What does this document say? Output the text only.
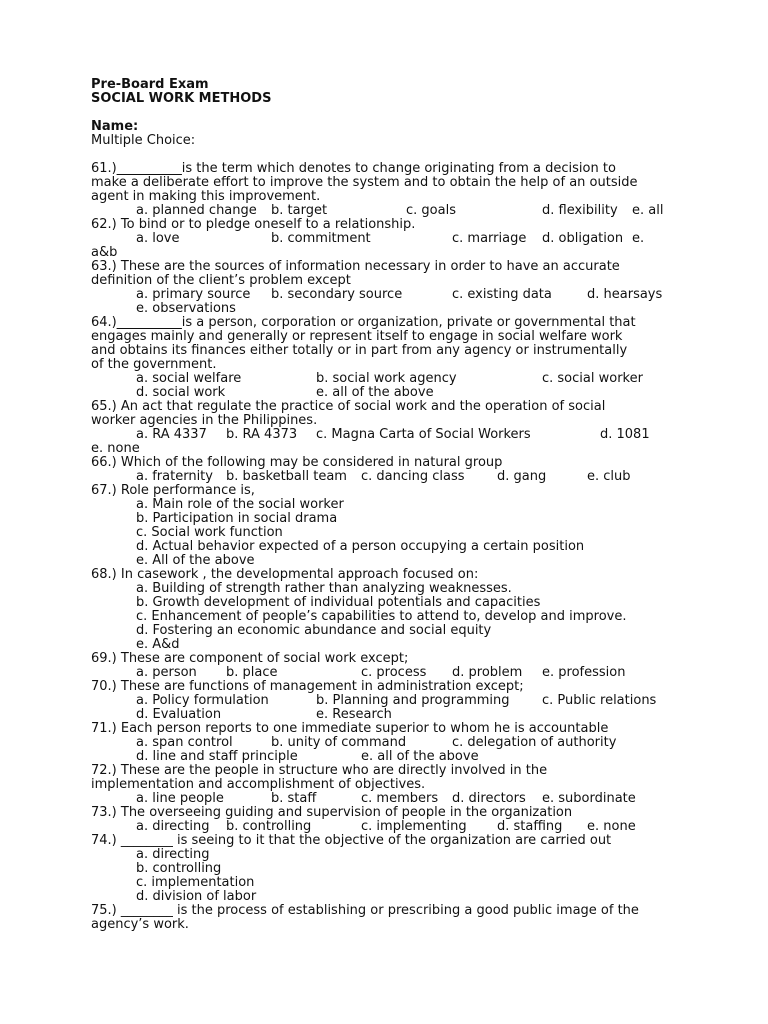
Pre-Board Exam
SOCIAL WORK METHODS
Name:
Multiple Choice:
61.)__________is the term which denotes to change originating from a decision to
make a deliberate effort to improve the system and to obtain the help of an outside
agent in making this improvement.

a. planned change

b. target

	c. goals

	d. flexibility

e. all

62.) To bind or to pledge oneself to a relationship.

a. love

	b. commitment

	c. marriage

d. obligation

e.

a&b
63.) These are the sources of information necessary in order to have an accurate
definition of the client’s problem except

a. primary source

b. secondary source

	c. existing data

	d. hearsays

e. observations

64.)__________is a person, corporation or organization, private or governmental that
engages mainly and generally or represent itself to engage in social welfare work
and obtains its finances either totally or in part from any agency or instrumentally
of the government.

a. social welfare

	b. social work agency

	c. social worker

d. social work

	e. all of the above

65.) An act that regulate the practice of social work and the operation of social
worker agencies in the Philippines.

a. RA 4337

b. RA 4373

c. Magna Carta of Social Workers

	d. 1081

e. none
66.) Which of the following may be considered in natural group

a. fraternity

b. basketball team

c. dancing class

d. gang

	e. club

67.) Role performance is,
a. Main role of the social worker
b. Participation in social drama
c. Social work function
d. Actual behavior expected of a person occupying a certain position
e. All of the above
68.) In casework , the developmental approach focused on:
a. Building of strength rather than analyzing weaknesses.
b. Growth development of individual potentials and capacities
c. Enhancement of people’s capabilities to attend to, develop and improve.
d. Fostering an economic abundance and social equity
e. A&d
69.) These are component of social work except;

a. person

b. place

	c. process

d. problem

e. profession

70.) These are functions of management in administration except;

a. Policy formulation

	b. Planning and programming

	c. Public relations

d. Evaluation

	e. Research

71.) Each person reports to one immediate superior to whom he is accountable

a. span control

	b. unity of command

	c. delegation of authority

d. line and staff principle

	e. all of the above

72.) These are the people in structure who are directly involved in the
implementation and accomplishment of objectives.

a. line people

	b. staff

	c. members

d. directors

e. subordinate

73.) The overseeing guiding and supervision of people in the organization

a. directing

b. controlling

	c. implementing

d. staffing

e. none

74.) ________ is seeing to it that the objective of the organization are carried out
a. directing
b. controlling
c. implementation
d. division of labor
75.) ________ is the process of establishing or prescribing a good public image of the
agency’s work.
